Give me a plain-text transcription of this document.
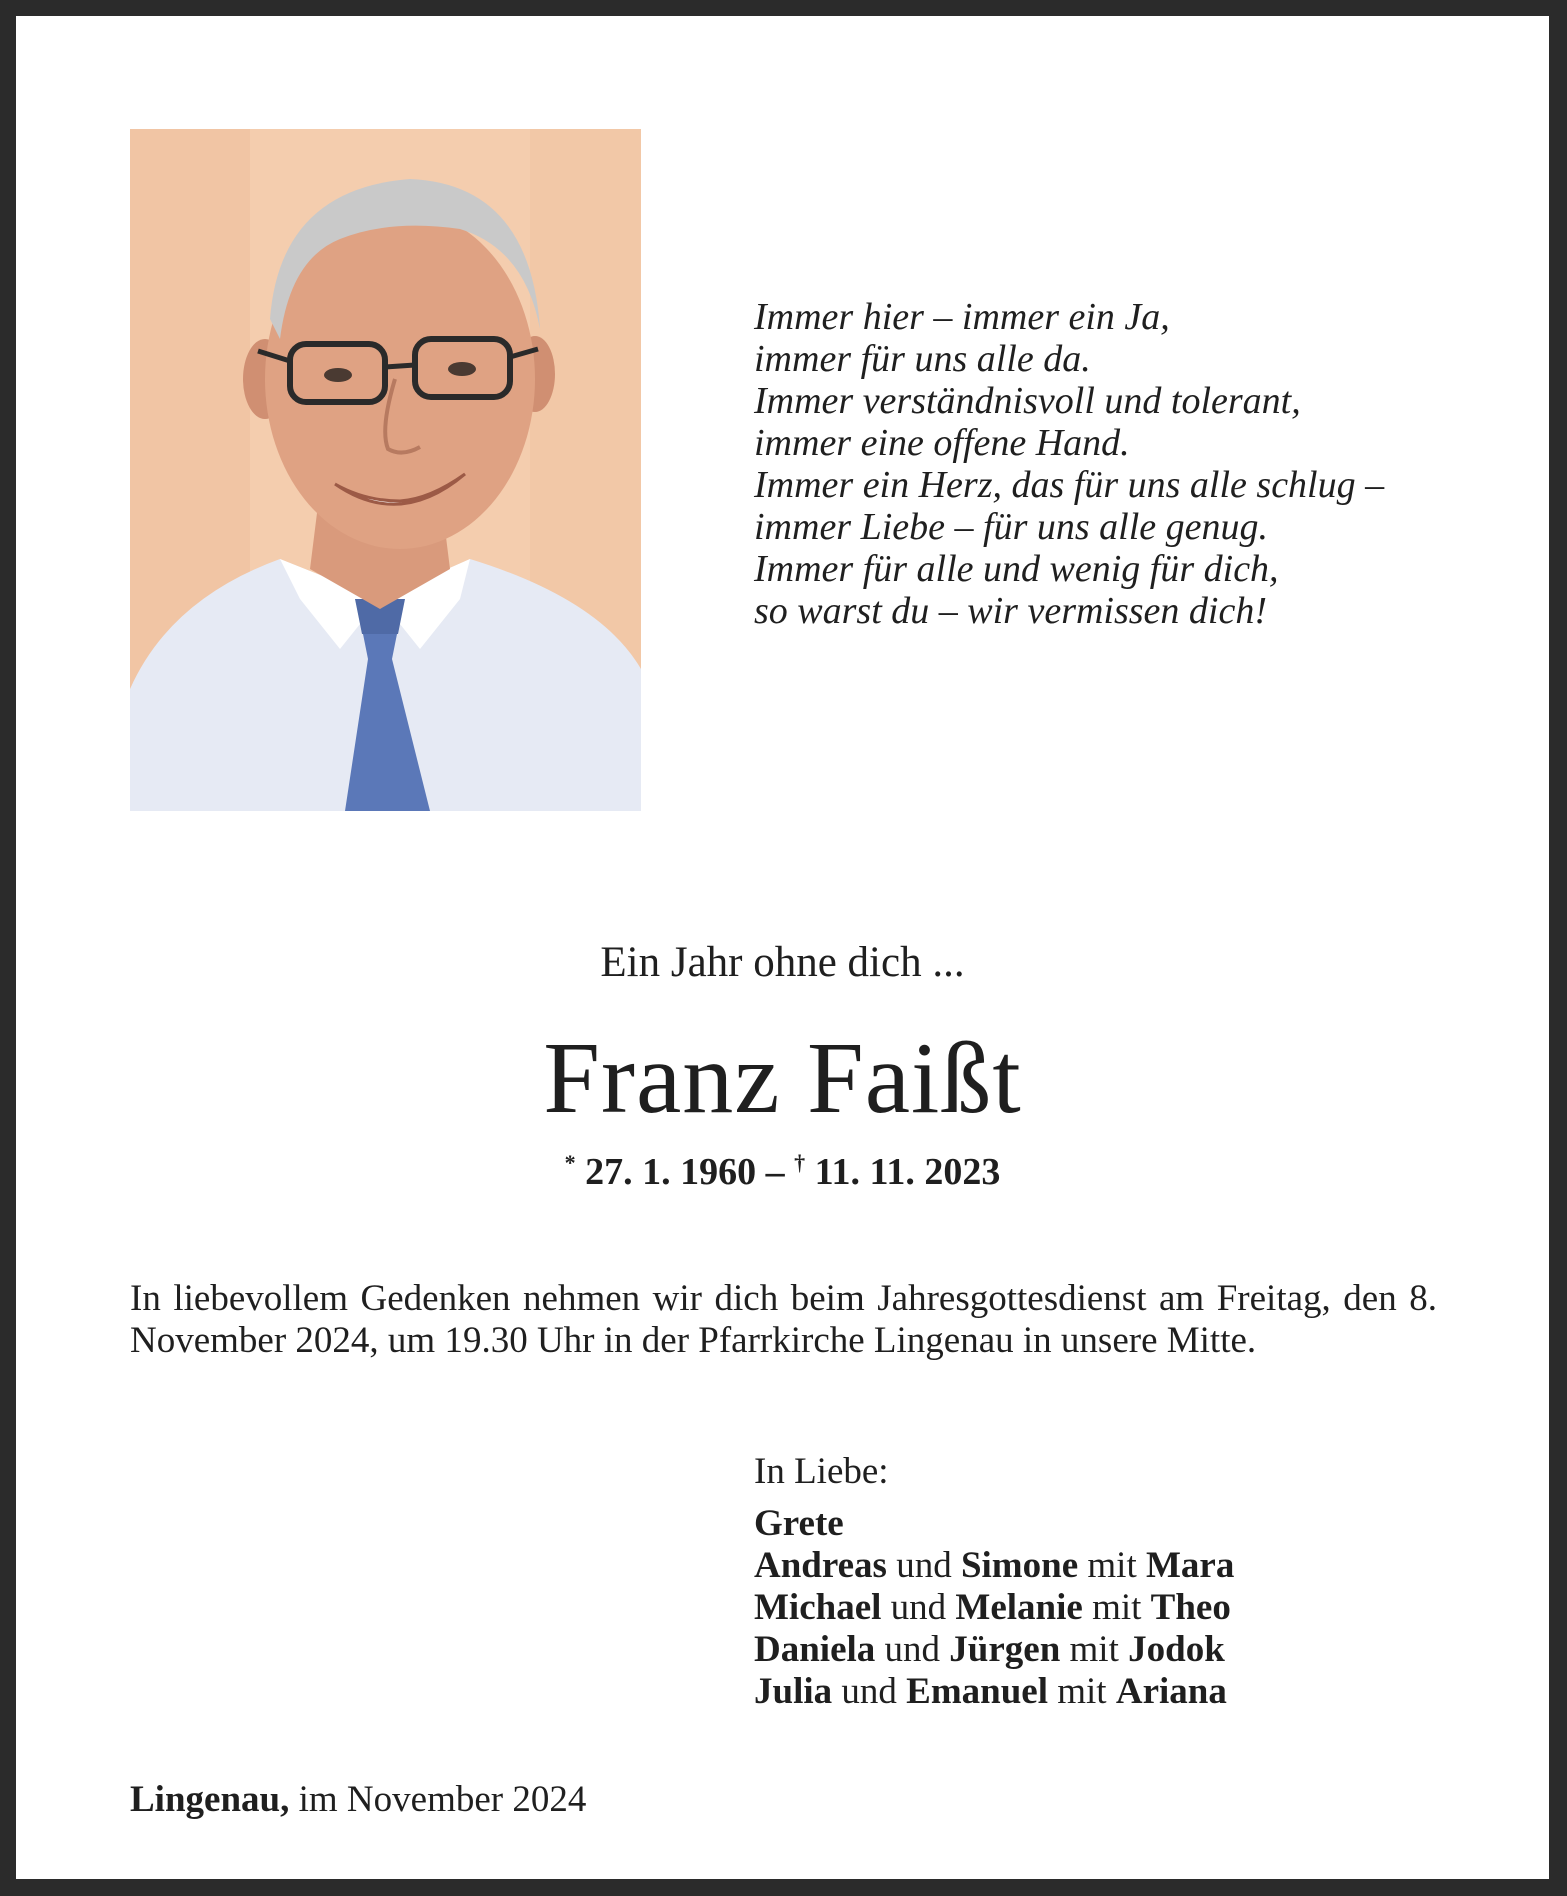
Immer hier – immer ein Ja,
immer für uns alle da.
Immer verständnisvoll und tolerant,
immer eine offene Hand.
Immer ein Herz, das für uns alle schlug –
immer Liebe – für uns alle genug.
Immer für alle und wenig für dich,
so warst du – wir vermissen dich!
Ein Jahr ohne dich ...
Franz Faißt
* 27. 1. 1960 – † 11. 11. 2023
In liebevollem Gedenken nehmen wir dich beim Jahresgottesdienst am Freitag, den 8. November 2024, um 19.30 Uhr in der Pfarrkirche Lingenau in unsere Mitte.
In Liebe:
Grete
Andreas und Simone mit Mara
Michael und Melanie mit Theo
Daniela und Jürgen mit Jodok
Julia und Emanuel mit Ariana
Lingenau, im November 2024
